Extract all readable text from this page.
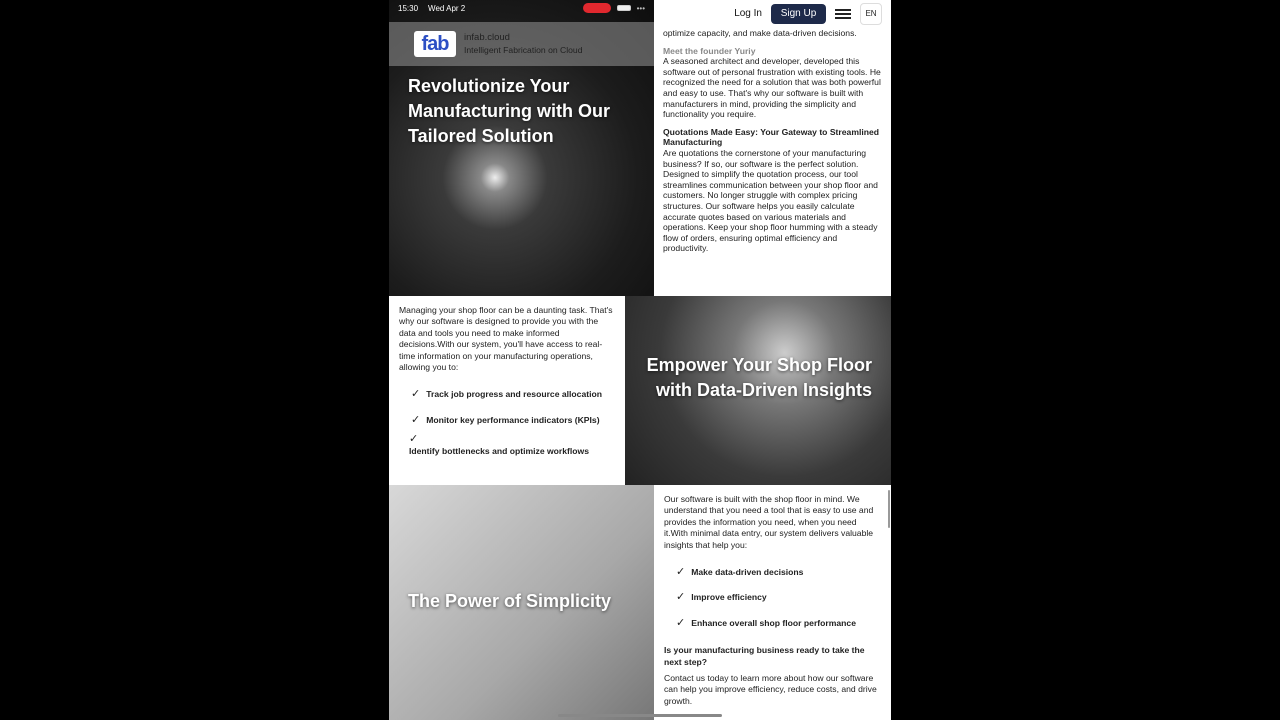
Revolutionize Your Manufacturing with Our Tailored Solution
Log In	Sign Up	EN
optimize capacity, and make data-driven decisions.
Meet the founder Yuriy
A seasoned architect and developer, developed this software out of personal frustration with existing tools. He recognized the need for a solution that was both powerful and easy to use. That's why our software is built with manufacturers in mind, providing the simplicity and functionality you require.
Quotations Made Easy: Your Gateway to Streamlined Manufacturing
Are quotations the cornerstone of your manufacturing business? If so, our software is the perfect solution. Designed to simplify the quotation process, our tool streamlines communication between your shop floor and customers. No longer struggle with complex pricing structures. Our software helps you easily calculate accurate quotes based on various materials and operations. Keep your shop floor humming with a steady flow of orders, ensuring optimal efficiency and productivity.
15:30 Wed Apr 2	•••
fab	infab.cloud
Intelligent Fabrication on Cloud
Managing your shop floor can be a daunting task. That's why our software is designed to provide you with the data and tools you need to make informed decisions.With our system, you'll have access to real-time information on your manufacturing operations, allowing you to:
✓ Track job progress and resource allocation
✓ Monitor key performance indicators (KPIs)
✓
Identify bottlenecks and optimize workflows
Empower Your Shop Floor with Data-Driven Insights
The Power of Simplicity
Our software is built with the shop floor in mind. We understand that you need a tool that is easy to use and provides the information you need, when you need it.With minimal data entry, our system delivers valuable insights that help you:
✓ Make data-driven decisions
✓ Improve efficiency
✓ Enhance overall shop floor performance
Is your manufacturing business ready to take the next step?
Contact us today to learn more about how our software can help you improve efficiency, reduce costs, and drive growth.
